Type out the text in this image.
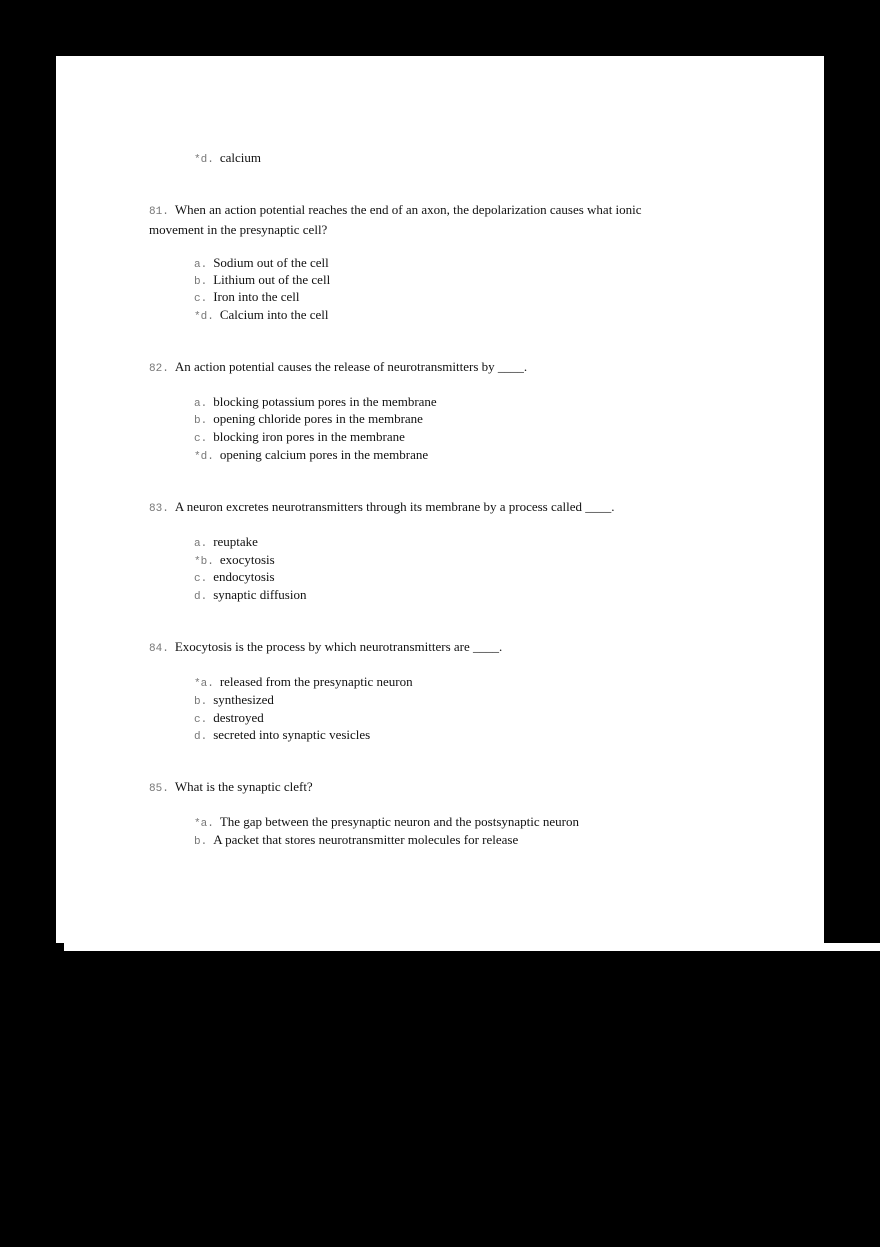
*d. calcium
81. When an action potential reaches the end of an axon, the depolarization causes what ionic movement in the presynaptic cell?
a. Sodium out of the cell
b. Lithium out of the cell
c. Iron into the cell
*d. Calcium into the cell
82. An action potential causes the release of neurotransmitters by ____.
a. blocking potassium pores in the membrane
b. opening chloride pores in the membrane
c. blocking iron pores in the membrane
*d. opening calcium pores in the membrane
83. A neuron excretes neurotransmitters through its membrane by a process called ____.
a. reuptake
*b. exocytosis
c. endocytosis
d. synaptic diffusion
84. Exocytosis is the process by which neurotransmitters are ____.
*a. released from the presynaptic neuron
b. synthesized
c. destroyed
d. secreted into synaptic vesicles
85. What is the synaptic cleft?
*a. The gap between the presynaptic neuron and the postsynaptic neuron
b. A packet that stores neurotransmitter molecules for release
